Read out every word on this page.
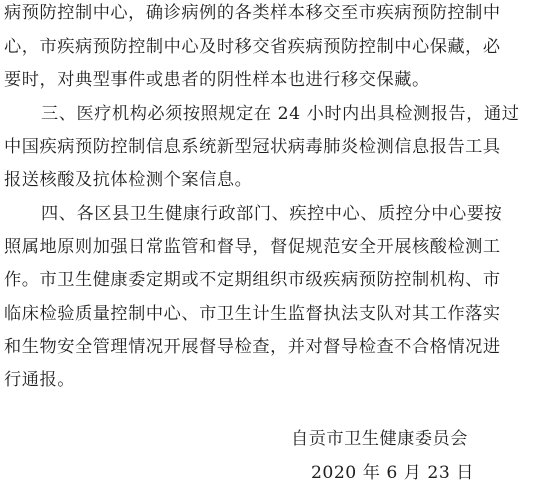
病预防控制中心，确诊病例的各类样本移交至市疾病预防控制中
心，市疾病预防控制中心及时移交省疾病预防控制中心保藏，必
要时，对典型事件或患者的阴性样本也进行移交保藏。
三、医疗机构必须按照规定在 24 小时内出具检测报告，通过
中国疾病预防控制信息系统新型冠状病毒肺炎检测信息报告工具
报送核酸及抗体检测个案信息。
四、各区县卫生健康行政部门、疾控中心、质控分中心要按
照属地原则加强日常监管和督导，督促规范安全开展核酸检测工
作。市卫生健康委定期或不定期组织市级疾病预防控制机构、市
临床检验质量控制中心、市卫生计生监督执法支队对其工作落实
和生物安全管理情况开展督导检查，并对督导检查不合格情况进
行通报。
自贡市卫生健康委员会
2020 年 6 月 23 日
